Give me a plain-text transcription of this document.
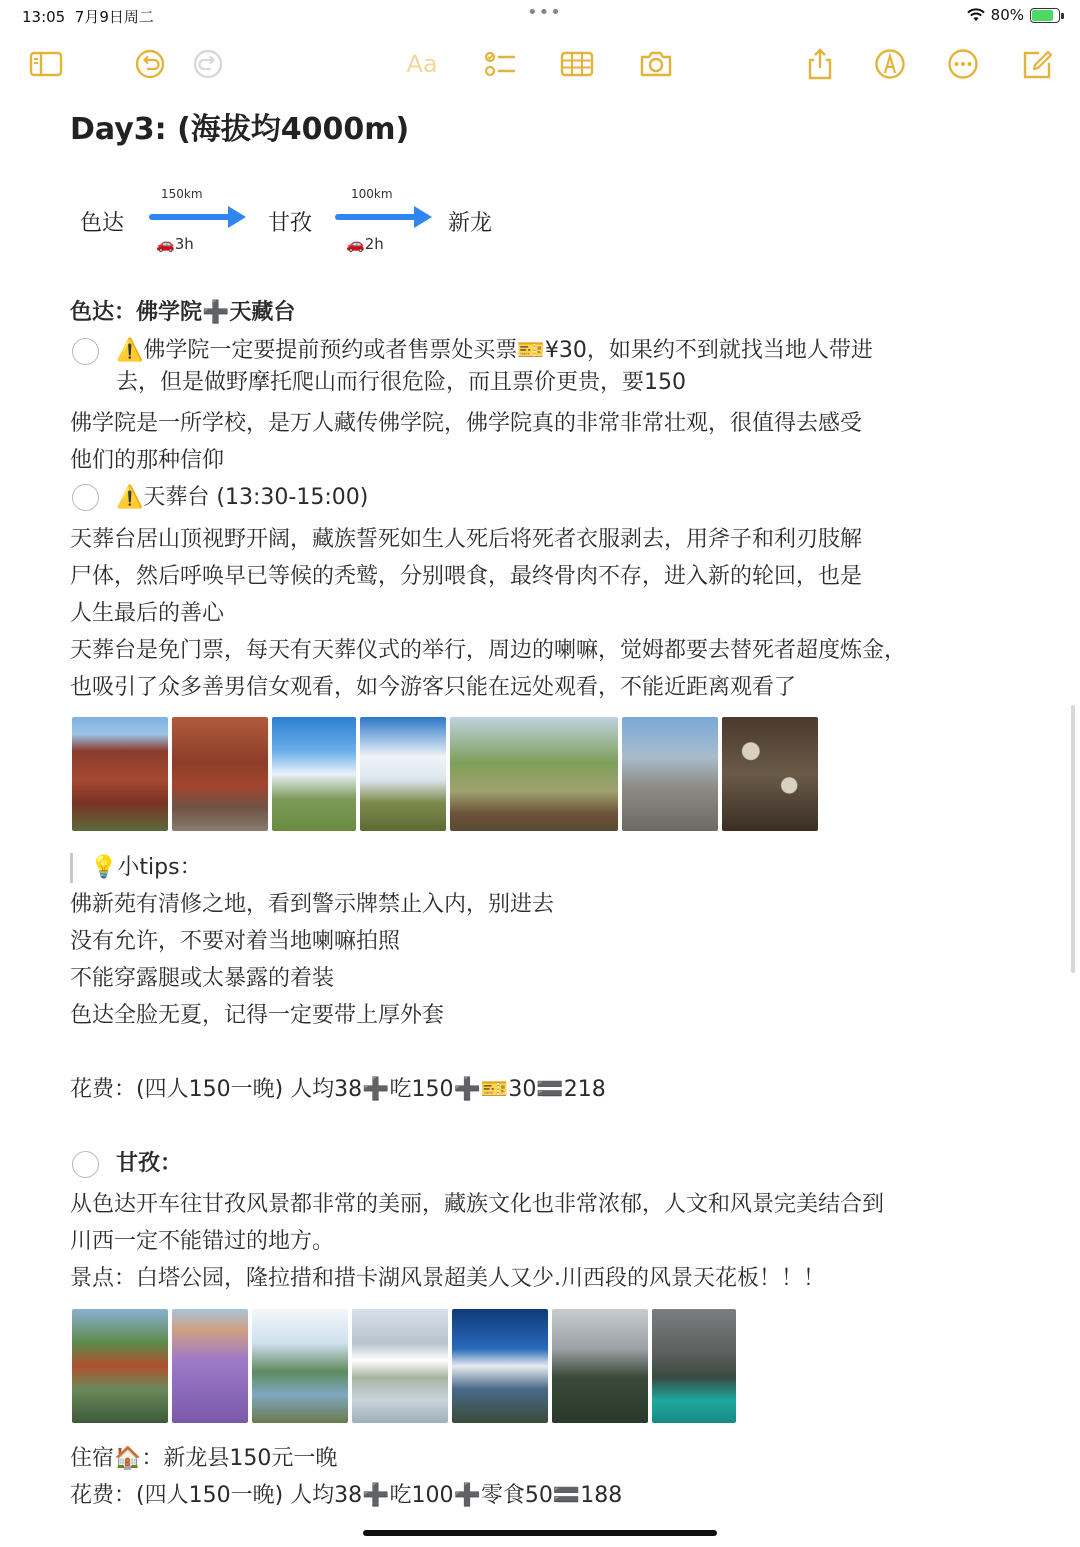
13:05 7月9日周二	•••	80%
Aa
Day3: (海拔均4000m)
色达
150km
🚗3h
甘孜
100km
🚗2h
新龙
色达：佛学院➕天藏台
⚠️佛学院一定要提前预约或者售票处买票🎫¥30，如果约不到就找当地人带进
去，但是做野摩托爬山而行很危险，而且票价更贵，要150
佛学院是一所学校，是万人藏传佛学院，佛学院真的非常非常壮观，很值得去感受
他们的那种信仰
⚠️天葬台 (13:30-15:00)
天葬台居山顶视野开阔，藏族誓死如生人死后将死者衣服剥去，用斧子和利刃肢解
尸体，然后呼唤早已等候的秃鹫，分别喂食，最终骨肉不存，进入新的轮回，也是
人生最后的善心
天葬台是免门票，每天有天葬仪式的举行，周边的喇嘛，觉姆都要去替死者超度炼金，
也吸引了众多善男信女观看，如今游客只能在远处观看，不能近距离观看了
💡小tips：
佛新苑有清修之地，看到警示牌禁止入内，别进去
没有允许，不要对着当地喇嘛拍照
不能穿露腿或太暴露的着装
色达全脸无夏，记得一定要带上厚外套
花费：(四人150一晚) 人均38➕吃150➕🎫30🟰218
甘孜：
从色达开车往甘孜风景都非常的美丽，藏族文化也非常浓郁，人文和风景完美结合到
川西一定不能错过的地方。
景点：白塔公园，隆拉措和措卡湖风景超美人又少.川西段的风景天花板！！！
住宿🏠：新龙县150元一晚
花费：(四人150一晚) 人均38➕吃100➕零食50🟰188
